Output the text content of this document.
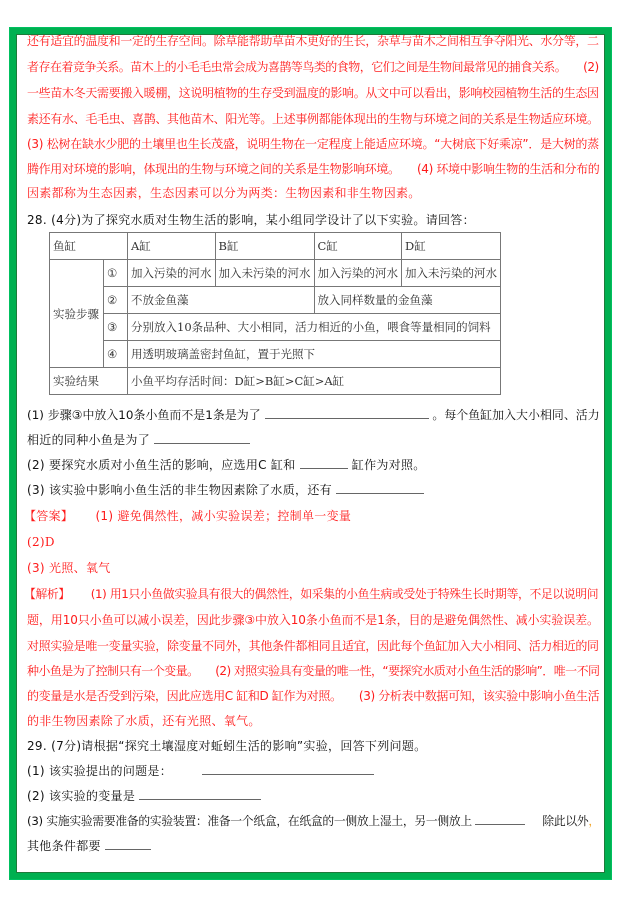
还有适宜的温度和一定的生存空间。除草能帮助草苗木更好的生长，杂草与苗木之间相互争夺阳光、水分等，二
者存在着竞争关系。苗木上的小毛毛虫常会成为喜鹊等鸟类的食物，它们之间是生物间最常见的捕食关系。　　(2)
一些苗木冬天需要搬入暖棚，这说明植物的生存受到温度的影响。从文中可以看出，影响校园植物生活的生态因
素还有水、毛毛虫、喜鹊、其他苗木、阳光等。上述事例都能体现出的生物与环境之间的关系是生物适应环境。
(3) 松树在缺水少肥的土壤里也生长茂盛，说明生物在一定程度上能适应环境。“大树底下好乘凉”．是大树的蒸
腾作用对环境的影响，体现出的生物与环境之间的关系是生物影响环境。　　(4) 环境中影响生物的生活和分布的
因素都称为生态因素，生态因素可以分为两类：生物因素和非生物因素。
28. (4分)为了探究水质对生物生活的影响，某小组同学设计了以下实验。请回答：
鱼缸		A缸	B缸	C缸	D缸
实验步骤	①	加入污染的河水	加入未污染的河水	加入污染的河水	加入未污染的河水
	②	不放金鱼藻		放入同样数量的金鱼藻	
	③	分别放入10条品种、大小相同，活力相近的小鱼，喂食等量相同的饲料			
	④	用透明玻璃盖密封鱼缸，置于光照下			
实验结果		小鱼平均存活时间：D缸>B缸>C缸>A缸			
(1) 步骤③中放入10条小鱼而不是1条是为了	。每个鱼缸加入大小相同、活力
相近的同种小鱼是为了
(2) 要探究水质对小鱼生活的影响，应选用C 缸和	缸作为对照。
(3) 该实验中影响小鱼生活的非生物因素除了水质，还有
【答案】 (1) 避免偶然性，减小实验误差；控制单一变量
(2)D
(3) 光照、氧气
【解析】 (1) 用1只小鱼做实验具有很大的偶然性，如采集的小鱼生病或受处于特殊生长时期等，不足以说明问
题，用10只小鱼可以减小误差，因此步骤③中放入10条小鱼而不是1条，目的是避免偶然性、减小实验误差。
对照实验是唯一变量实验，除变量不同外，其他条件都相同且适宜，因此每个鱼缸加入大小相同、活力相近的同
种小鱼是为了控制只有一个变量。　　(2) 对照实验具有变量的唯一性，“要探究水质对小鱼生活的影响”．唯一不同
的变量是水是否受到污染，因此应选用C 缸和D 缸作为对照。　　(3) 分析表中数据可知，该实验中影响小鱼生活
的非生物因素除了水质，还有光照、氧气。
29. (7分)请根据“探究土壤湿度对蚯蚓生活的影响”实验，回答下列问题。
(1) 该实验提出的问题是：
(2) 该实验的变量是
(3) 实施实验需要准备的实验装置：准备一个纸盒，在纸盒的一侧放上湿土，另一侧放上	除此以外，
其他条件都要
